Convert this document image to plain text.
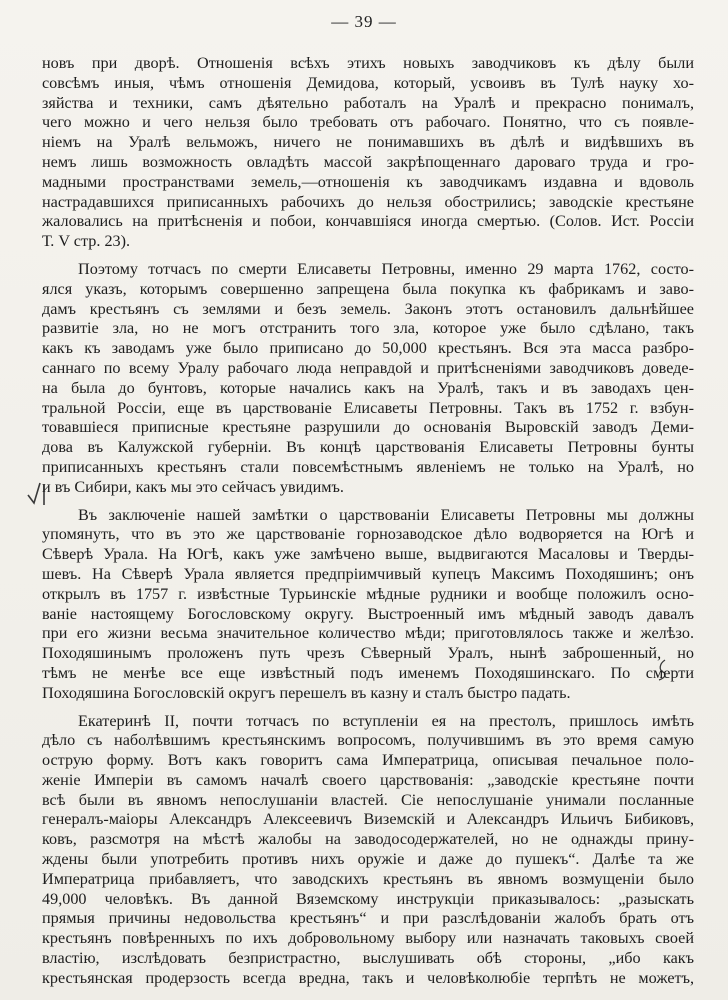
— 39 —
новъ при дворѣ. Отношенія всѣхъ этихъ новыхъ заводчиковъ къ дѣлу были
совсѣмъ иныя, чѣмъ отношенія Демидова, который, усвоивъ въ Тулѣ науку хо-
зяйства и техники, самъ дѣятельно работалъ на Уралѣ и прекрасно понималъ,
чего можно и чего нельзя было требовать отъ рабочаго. Понятно, что съ появле-
ніемъ на Уралѣ вельможъ, ничего не понимавшихъ въ дѣлѣ и видѣвшихъ въ
немъ лишь возможность овладѣть массой закрѣпощеннаго дароваго труда и гро-
мадными пространствами земель,—отношенія къ заводчикамъ издавна и вдоволь
настрадавшихся приписанныхъ рабочихъ до нельзя обострились; заводскіе крестьяне
жаловались на притѣсненія и побои, кончавшіяся иногда смертью. (Солов. Ист. Россіи
Т. V стр. 23).
Поэтому тотчасъ по смерти Елисаветы Петровны, именно 29 марта 1762, состо-
ялся указъ, которымъ совершенно запрещена была покупка къ фабрикамъ и заво-
дамъ крестьянъ съ землями и безъ земель. Законъ этотъ остановилъ дальнѣйшее
развитіе зла, но не могъ отстранить того зла, которое уже было сдѣлано, такъ
какъ къ заводамъ уже было приписано до 50,000 крестьянъ. Вся эта масса разбро-
саннаго по всему Уралу рабочаго люда неправдой и притѣсненіями заводчиковъ доведе-
на была до бунтовъ, которые начались какъ на Уралѣ, такъ и въ заводахъ цен-
тральной Россіи, еще въ царствованіе Елисаветы Петровны. Такъ въ 1752 г. взбун-
товавшіеся приписные крестьяне разрушили до основанія Выровскій заводъ Деми-
дова въ Калужской губерніи. Въ концѣ царствованія Елисаветы Петровны бунты
приписанныхъ крестьянъ стали повсемѣстнымъ явленіемъ не только на Уралѣ, но
и въ Сибири, какъ мы это сейчасъ увидимъ.
Въ заключеніе нашей замѣтки о царствованіи Елисаветы Петровны мы должны
упомянуть, что въ это же царствованіе горнозаводское дѣло водворяется на Югѣ и
Сѣверѣ Урала. На Югѣ, какъ уже замѣчено выше, выдвигаются Масаловы и Тверды-
шевъ. На Сѣверѣ Урала является предпріимчивый купецъ Максимъ Походяшинъ; онъ
открылъ въ 1757 г. извѣстные Турьинскіе мѣдные рудники и вообще положилъ осно-
ваніе настоящему Богословскому округу. Выстроенный имъ мѣдный заводъ давалъ
при его жизни весьма значительное количество мѣди; приготовлялось также и желѣзо.
Походяшинымъ проложенъ путь чрезъ Сѣверный Уралъ, нынѣ заброшенный, но
тѣмъ не менѣе все еще извѣстный подъ именемъ Походяшинскаго. По смерти
Походяшина Богословскій округъ перешелъ въ казну и сталъ быстро падать.
Екатеринѣ II, почти тотчасъ по вступленіи ея на престолъ, пришлось имѣть
дѣло съ наболѣвшимъ крестьянскимъ вопросомъ, получившимъ въ это время самую
острую форму. Вотъ какъ говоритъ сама Императрица, описывая печальное поло-
женіе Имперіи въ самомъ началѣ своего царствованія: „заводскіе крестьяне почти
всѣ были въ явномъ непослушаніи властей. Сіе непослушаніе унимали посланные
генералъ-маіоры Александръ Алексеевичъ Виземскій и Александръ Ильичъ Бибиковъ,
ковъ, разсмотря на мѣстѣ жалобы на заводосодержателей, но не однажды прину-
ждены были употребить противъ нихъ оружіе и даже до пушекъ“. Далѣе та же
Императрица прибавляетъ, что заводскихъ крестьянъ въ явномъ возмущеніи было
49,000 человѣкъ. Въ данной Вяземскому инструкціи приказывалось: „разыскать
прямыя причины недовольства крестьянъ“ и при разслѣдованіи жалобъ брать отъ
крестьянъ повѣренныхъ по ихъ добровольному выбору или назначать таковыхъ своей
властію, изслѣдовать безпристрастно, выслушивать обѣ стороны, „ибо какъ
крестьянская продерзость всегда вредна, такъ и человѣколюбіе терпѣть не можетъ,
